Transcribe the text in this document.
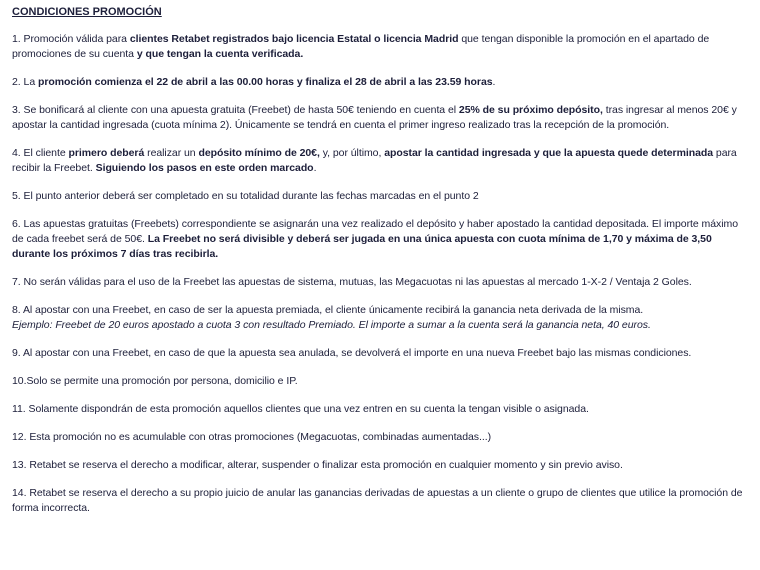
CONDICIONES PROMOCIÓN

1. Promoción válida para clientes Retabet registrados bajo licencia Estatal o licencia Madrid que tengan disponible la promoción en el apartado de promociones de su cuenta y que tengan la cuenta verificada.

2. La promoción comienza el 22 de abril a las 00.00 horas y finaliza el 28 de abril a las 23.59 horas.

3. Se bonificará al cliente con una apuesta gratuita (Freebet) de hasta 50€ teniendo en cuenta el 25% de su próximo depósito, tras ingresar al menos 20€ y apostar la cantidad ingresada (cuota mínima 2). Únicamente se tendrá en cuenta el primer ingreso realizado tras la recepción de la promoción.

4. El cliente primero deberá realizar un depósito mínimo de 20€, y, por último, apostar la cantidad ingresada y que la apuesta quede determinada para recibir la Freebet. Siguiendo los pasos en este orden marcado.

5. El punto anterior deberá ser completado en su totalidad durante las fechas marcadas en el punto 2

6. Las apuestas gratuitas (Freebets) correspondiente se asignarán una vez realizado el depósito y haber apostado la cantidad depositada. El importe máximo de cada freebet será de 50€. La Freebet no será divisible y deberá ser jugada en una única apuesta con cuota mínima de 1,70 y máxima de 3,50 durante los próximos 7 días tras recibirla.

7. No serán válidas para el uso de la Freebet las apuestas de sistema, mutuas, las Megacuotas ni las apuestas al mercado 1-X-2 / Ventaja 2 Goles.

8. Al apostar con una Freebet, en caso de ser la apuesta premiada, el cliente únicamente recibirá la ganancia neta derivada de la misma.
Ejemplo: Freebet de 20 euros apostado a cuota 3 con resultado Premiado. El importe a sumar a la cuenta será la ganancia neta, 40 euros.

9. Al apostar con una Freebet, en caso de que la apuesta sea anulada, se devolverá el importe en una nueva Freebet bajo las mismas condiciones.

10.Solo se permite una promoción por persona, domicilio e IP.

11. Solamente dispondrán de esta promoción aquellos clientes que una vez entren en su cuenta la tengan visible o asignada.

12. Esta promoción no es acumulable con otras promociones (Megacuotas, combinadas aumentadas...)

13. Retabet se reserva el derecho a modificar, alterar, suspender o finalizar esta promoción en cualquier momento y sin previo aviso.

14. Retabet se reserva el derecho a su propio juicio de anular las ganancias derivadas de apuestas a un cliente o grupo de clientes que utilice la promoción de forma incorrecta.
